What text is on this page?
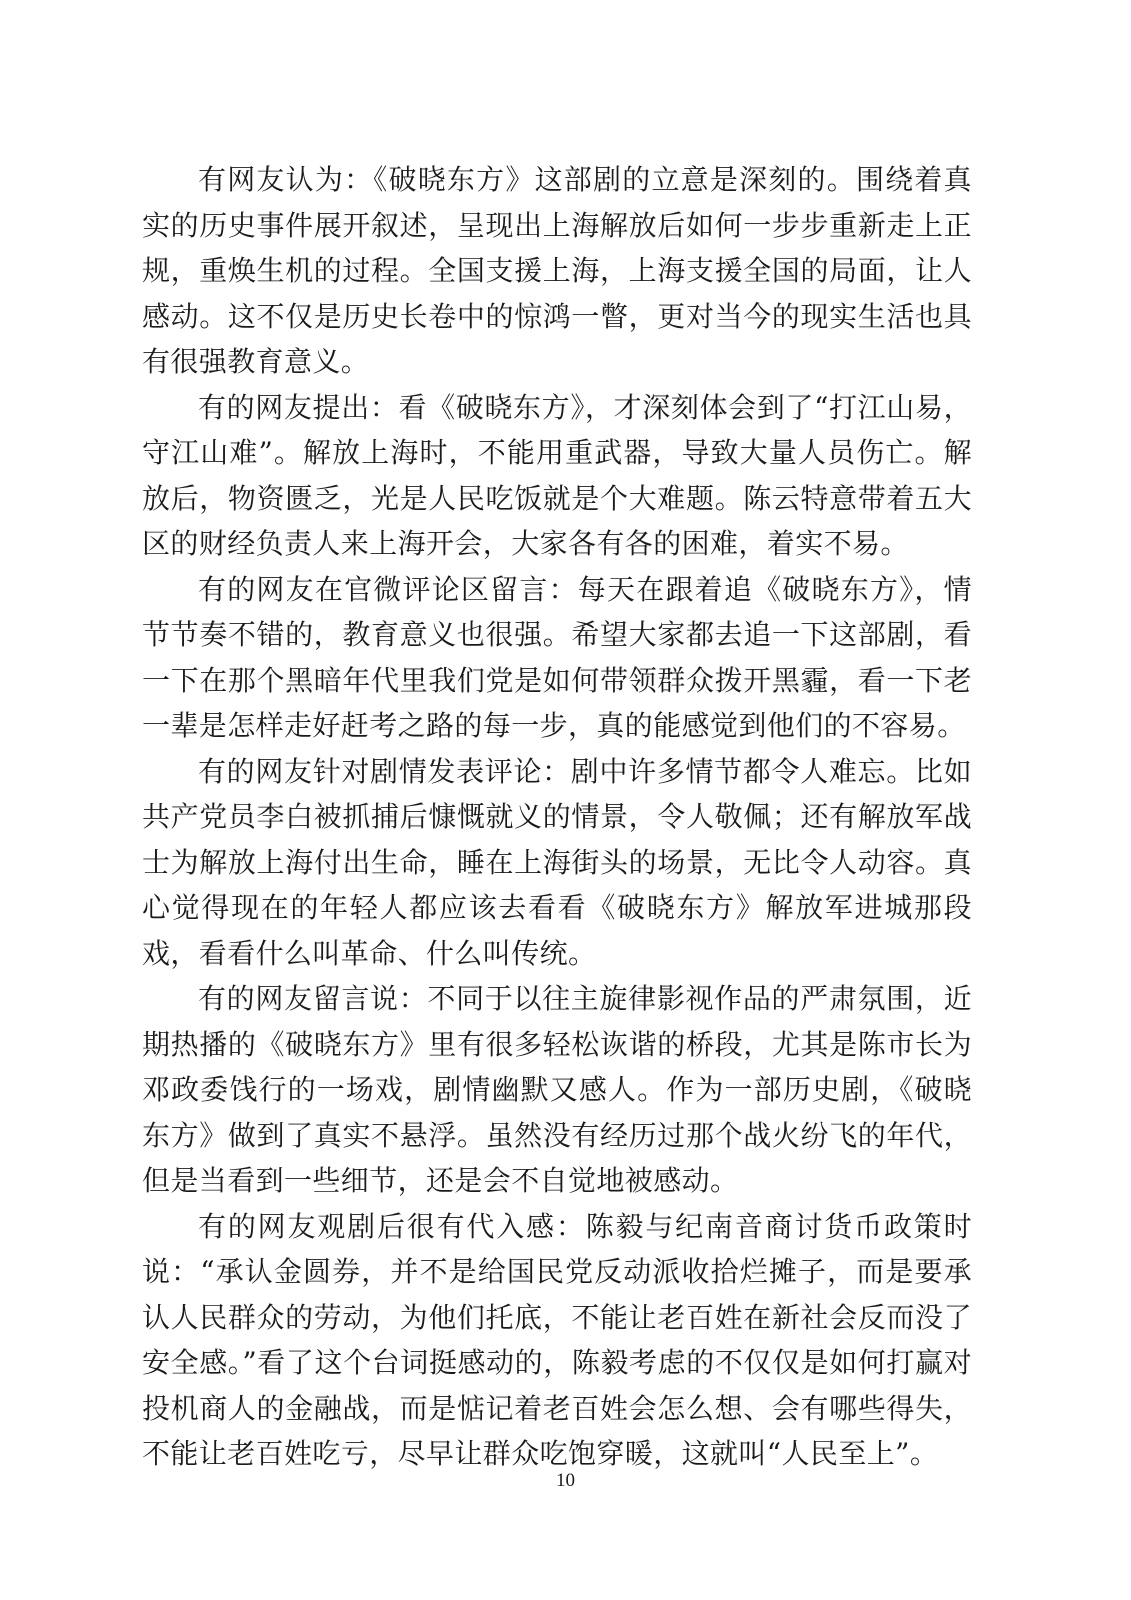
有网友认为：《破晓东方》这部剧的立意是深刻的。围绕着真实的历史事件展开叙述，呈现出上海解放后如何一步步重新走上正规，重焕生机的过程。全国支援上海，上海支援全国的局面，让人感动。这不仅是历史长卷中的惊鸿一瞥，更对当今的现实生活也具有很强教育意义。

有的网友提出：看《破晓东方》，才深刻体会到了“打江山易，守江山难”。解放上海时，不能用重武器，导致大量人员伤亡。解放后，物资匮乏，光是人民吃饭就是个大难题。陈云特意带着五大区的财经负责人来上海开会，大家各有各的困难，着实不易。

有的网友在官微评论区留言：每天在跟着追《破晓东方》，情节节奏不错的，教育意义也很强。希望大家都去追一下这部剧，看一下在那个黑暗年代里我们党是如何带领群众拨开黑霾，看一下老一辈是怎样走好赶考之路的每一步，真的能感觉到他们的不容易。

有的网友针对剧情发表评论：剧中许多情节都令人难忘。比如共产党员李白被抓捕后慷慨就义的情景，令人敬佩；还有解放军战士为解放上海付出生命，睡在上海街头的场景，无比令人动容。真心觉得现在的年轻人都应该去看看《破晓东方》解放军进城那段戏，看看什么叫革命、什么叫传统。

有的网友留言说：不同于以往主旋律影视作品的严肃氛围，近期热播的《破晓东方》里有很多轻松诙谐的桥段，尤其是陈市长为邓政委饯行的一场戏，剧情幽默又感人。作为一部历史剧，《破晓东方》做到了真实不悬浮。虽然没有经历过那个战火纷飞的年代，但是当看到一些细节，还是会不自觉地被感动。

有的网友观剧后很有代入感：陈毅与纪南音商讨货币政策时说：“承认金圆券，并不是给国民党反动派收拾烂摊子，而是要承认人民群众的劳动，为他们托底，不能让老百姓在新社会反而没了安全感。”看了这个台词挺感动的，陈毅考虑的不仅仅是如何打赢对投机商人的金融战，而是惦记着老百姓会怎么想、会有哪些得失，不能让老百姓吃亏，尽早让群众吃饱穿暖，这就叫“人民至上”。

10
